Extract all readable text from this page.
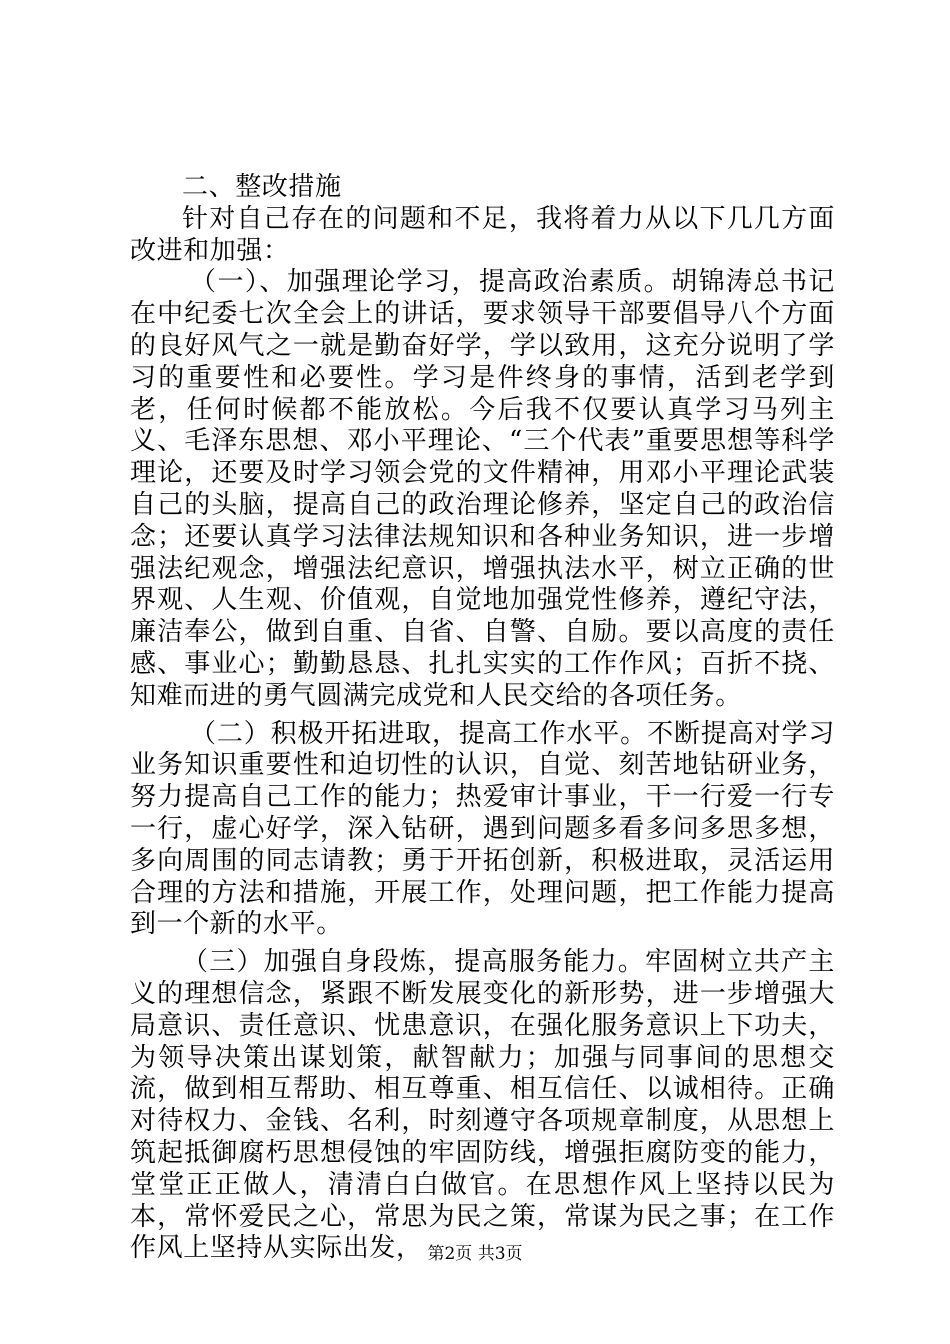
二、整改措施

针对自己存在的问题和不足，我将着力从以下几几方面改进和加强：

（一）、加强理论学习，提高政治素质。胡锦涛总书记在中纪委七次全会上的讲话，要求领导干部要倡导八个方面的良好风气之一就是勤奋好学，学以致用，这充分说明了学习的重要性和必要性。学习是件终身的事情，活到老学到老，任何时候都不能放松。今后我不仅要认真学习马列主义、毛泽东思想、邓小平理论、“三个代表”重要思想等科学理论，还要及时学习领会党的文件精神，用邓小平理论武装自己的头脑，提高自己的政治理论修养，坚定自己的政治信念；还要认真学习法律法规知识和各种业务知识，进一步增强法纪观念，增强法纪意识，增强执法水平，树立正确的世界观、人生观、价值观，自觉地加强党性修养，遵纪守法，廉洁奉公，做到自重、自省、自警、自励。要以高度的责任感、事业心；勤勤恳恳、扎扎实实的工作作风；百折不挠、知难而进的勇气圆满完成党和人民交给的各项任务。

（二）积极开拓进取，提高工作水平。不断提高对学习业务知识重要性和迫切性的认识，自觉、刻苦地钻研业务，努力提高自己工作的能力；热爱审计事业，干一行爱一行专一行，虚心好学，深入钻研，遇到问题多看多问多思多想，多向周围的同志请教；勇于开拓创新，积极进取，灵活运用合理的方法和措施，开展工作，处理问题，把工作能力提高到一个新的水平。

（三）加强自身段炼，提高服务能力。牢固树立共产主义的理想信念，紧跟不断发展变化的新形势，进一步增强大局意识、责任意识、忧患意识，在强化服务意识上下功夫，为领导决策出谋划策，献智献力；加强与同事间的思想交流，做到相互帮助、相互尊重、相互信任、以诚相待。正确对待权力、金钱、名利，时刻遵守各项规章制度，从思想上筑起抵御腐朽思想侵蚀的牢固防线，增强拒腐防变的能力，堂堂正正做人，清清白白做官。在思想作风上坚持以民为本，常怀爱民之心，常思为民之策，常谋为民之事；在工作作风上坚持从实际出发， 第2页 共3页
